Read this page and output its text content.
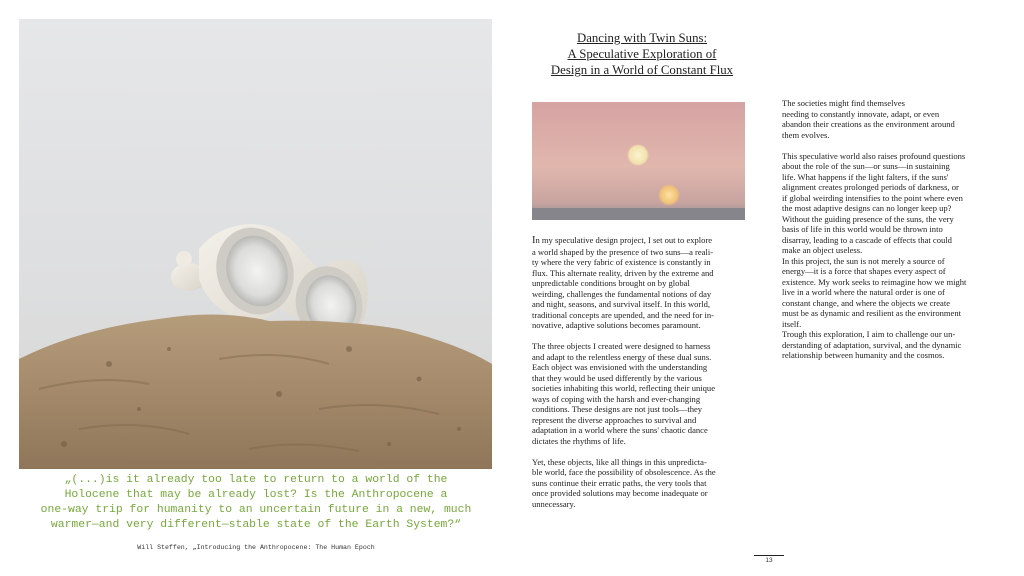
„(...)is it already too late to return to a world of the
Holocene that may be already lost? Is the Anthropocene a
one-way trip for humanity to an uncertain future in a new, much
warmer—and very different—stable state of the Earth System?“
Will Steffen, „Introducing the Anthropocene: The Human Epoch
Dancing with Twin Suns:
A Speculative Exploration of
Design in a World of Constant Flux

In my speculative design project, I set out to explore
a world shaped by the presence of two suns—a reali-
ty where the very fabric of existence is constantly in
flux. This alternate reality, driven by the extreme and
unpredictable conditions brought on by global
weirding, challenges the fundamental notions of day
and night, seasons, and survival itself. In this world,
traditional concepts are upended, and the need for in-
novative, adaptive solutions becomes paramount.

The three objects I created were designed to harness
and adapt to the relentless energy of these dual suns.
Each object was envisioned with the understanding
that they would be used differently by the various
societies inhabiting this world, reflecting their unique
ways of coping with the harsh and ever-changing
conditions. These designs are not just tools—they
represent the diverse approaches to survival and
adaptation in a world where the suns' chaotic dance
dictates the rhythms of life.

Yet, these objects, like all things in this unpredicta-
ble world, face the possibility of obsolescence. As the
suns continue their erratic paths, the very tools that
once provided solutions may become inadequate or
unnecessary.

The societies might find themselves
needing to constantly innovate, adapt, or even
abandon their creations as the environment around
them evolves.

This speculative world also raises profound questions
about the role of the sun—or suns—in sustaining
life. What happens if the light falters, if the suns'
alignment creates prolonged periods of darkness, or
if global weirding intensifies to the point where even
the most adaptive designs can no longer keep up?
Without the guiding presence of the suns, the very
basis of life in this world would be thrown into
disarray, leading to a cascade of effects that could
make an object useless.

In this project, the sun is not merely a source of
energy—it is a force that shapes every aspect of
existence. My work seeks to reimagine how we might
live in a world where the natural order is one of
constant change, and where the objects we create
must be as dynamic and resilient as the environment
itself.

Trough this exploration, I aim to challenge our un-
derstanding of adaptation, survival, and the dynamic
relationship between humanity and the cosmos.

13
